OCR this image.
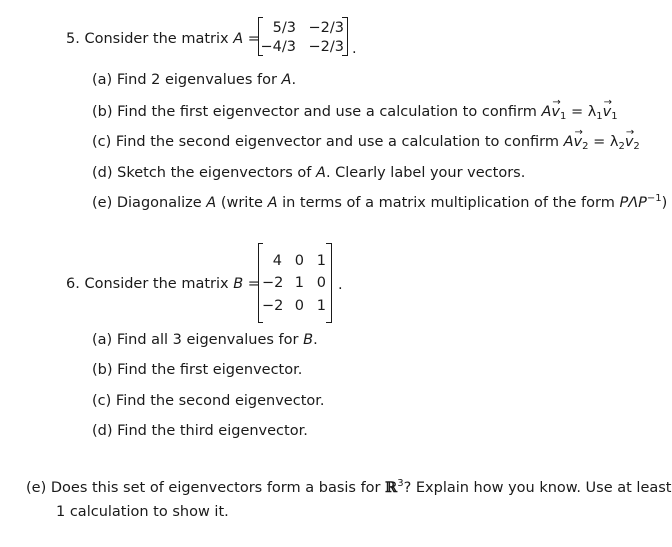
5. Consider the matrix A =
5/3 −2/3
−4/3 −2/3 .
(a) Find 2 eigenvalues for A.
(b) Find the first eigenvector and use a calculation to confirm $A\to v_1 = \lambda_1\to v_1$
(c) Find the second eigenvector and use a calculation to confirm $A\to v_2 = \lambda_2\to v_2$
(d) Sketch the eigenvectors of A. Clearly label your vectors.
(e) Diagonalize A (write A in terms of a matrix multiplication of the form $P\Lambda P^{-1}$)
6. Consider the matrix B =
4 0 1
−2 1 0
−2 0 1
.
(a) Find all 3 eigenvalues for B.
(b) Find the first eigenvector.
(c) Find the second eigenvector.
(d) Find the third eigenvector.
(e) Does this set of eigenvectors form a basis for ℝ$^3$? Explain how you know. Use at least
1 calculation to show it.
